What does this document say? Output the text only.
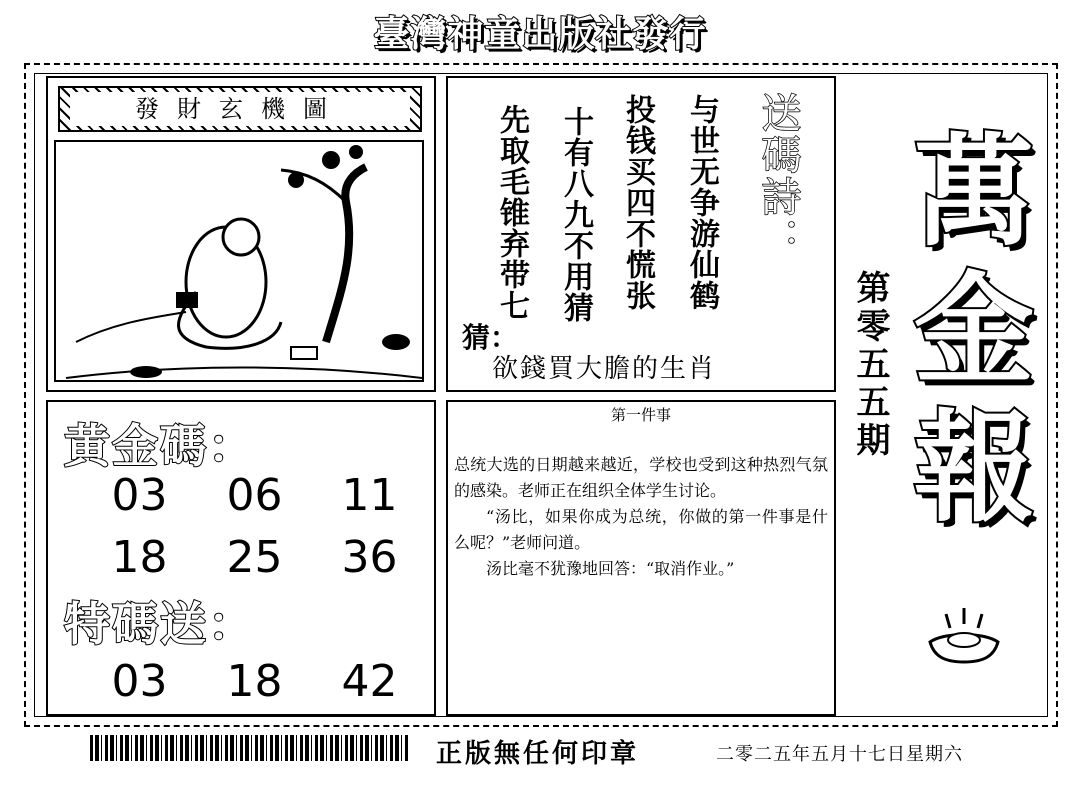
臺灣神童出版社發行
發財玄機圖	与世无争游仙鹤
投钱买四不慌张
十有八九不用猜
先取毛锥弃带七	送碼詩：
猜：
欲錢買大膽的生肖
黄金碼：
03	06	11
18	25	36
特碼送：
03	18	42
第一件事

总统大选的日期越来越近，学校也受到这种热烈气氛的感染。老师正在组织全体学生讨论。

“汤比，如果你成为总统，你做的第一件事是什么呢？”老师问道。

汤比毫不犹豫地回答：“取消作业。”

第零五五期 萬金報
正版無任何印章	二零二五年五月十七日星期六
